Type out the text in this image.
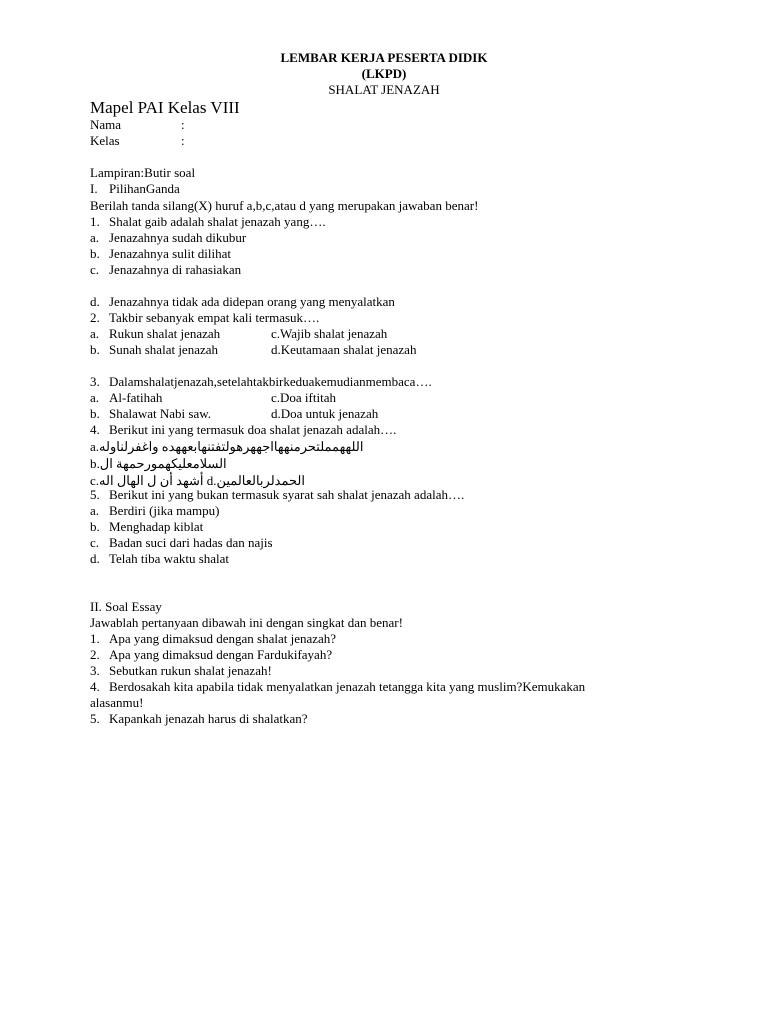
LEMBAR KERJA PESERTA DIDIK
(LKPD)
SHALAT JENAZAH
Mapel PAI Kelas VIII
Nama	:
Kelas	:
Lampiran:Butir soal
I. PilihanGanda
Berilah tanda silang(X) huruf a,b,c,atau d yang merupakan jawaban benar!
1. Shalat gaib adalah shalat jenazah yang….
a. Jenazahnya sudah dikubur
b. Jenazahnya sulit dilihat
c. Jenazahnya di rahasiakan
d. Jenazahnya tidak ada didepan orang yang menyalatkan
2. Takbir sebanyak empat kali termasuk….
a. Rukun shalat jenazah	c.Wajib shalat jenazah
b. Sunah shalat jenazah	d.Keutamaan shalat jenazah
3. Dalamshalatjenazah,setelahtakbirkeduakemudianmembaca….
a. Al-fatihah	c.Doa iftitah
b. Shalawat Nabi saw.	d.Doa untuk jenazah
4. Berikut ini yang termasuk doa shalat jenazah adalah….
a.اللههمملتحرمنههااجههرهولتفتنهابعههده واغفرلناوله
b.السلامعليكهمورحمهة ال
c.أشهد أن ل الهال اله d.الحمدلربالعالمين
5. Berikut ini yang bukan termasuk syarat sah shalat jenazah adalah….
a. Berdiri (jika mampu)
b. Menghadap kiblat
c. Badan suci dari hadas dan najis
d. Telah tiba waktu shalat
II. Soal Essay
Jawablah pertanyaan dibawah ini dengan singkat dan benar!
1. Apa yang dimaksud dengan shalat jenazah?
2. Apa yang dimaksud dengan Fardukifayah?
3. Sebutkan rukun shalat jenazah!
4. Berdosakah kita apabila tidak menyalatkan jenazah tetangga kita yang muslim?Kemukakan
alasanmu!
5. Kapankah jenazah harus di shalatkan?
